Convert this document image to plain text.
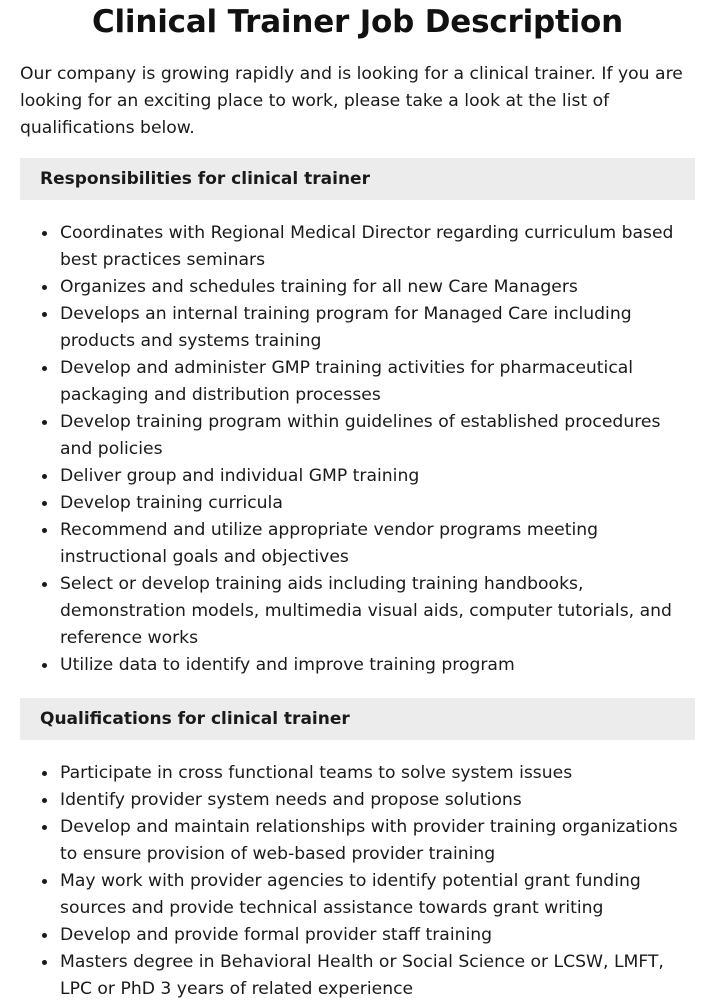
Clinical Trainer Job Description

Our company is growing rapidly and is looking for a clinical trainer. If you are looking for an exciting place to work, please take a look at the list of qualifications below.

Responsibilities for clinical trainer
Coordinates with Regional Medical Director regarding curriculum based best practices seminars
Organizes and schedules training for all new Care Managers
Develops an internal training program for Managed Care including products and systems training
Develop and administer GMP training activities for pharmaceutical packaging and distribution processes
Develop training program within guidelines of established procedures and policies
Deliver group and individual GMP training
Develop training curricula
Recommend and utilize appropriate vendor programs meeting instructional goals and objectives
Select or develop training aids including training handbooks, demonstration models, multimedia visual aids, computer tutorials, and reference works
Utilize data to identify and improve training program
Qualifications for clinical trainer
Participate in cross functional teams to solve system issues
Identify provider system needs and propose solutions
Develop and maintain relationships with provider training organizations to ensure provision of web-based provider training
May work with provider agencies to identify potential grant funding sources and provide technical assistance towards grant writing
Develop and provide formal provider staff training
Masters degree in Behavioral Health or Social Science or LCSW, LMFT, LPC or PhD 3 years of related experience
